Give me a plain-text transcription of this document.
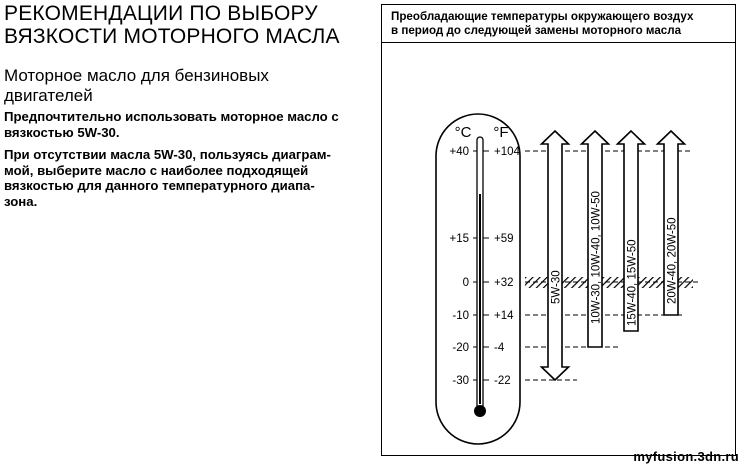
РЕКОМЕНДАЦИИ ПО ВЫБОРУ
ВЯЗКОСТИ МОТОРНОГО МАСЛА
Моторное масло для бензиновых
двигателей

Предпочтительно использовать моторное масло с
вязкостью 5W-30.

При отсутствии масла 5W-30, пользуясь диаграм-
мой, выберите масло с наиболее подходящей
вязкостью для данного температурного диапа-
зона.

Преобладающие температуры окружающего воздух
в период до следующей замены моторного масла
°C °F
+40 +104
+15 +59
0 +32
-10 +14
-20 -4
-30 -22
5W-30 10W-30, 10W-40, 10W-50 15W-40, 15W-50 20W-40, 20W-50
myfusion.3dn.ru
